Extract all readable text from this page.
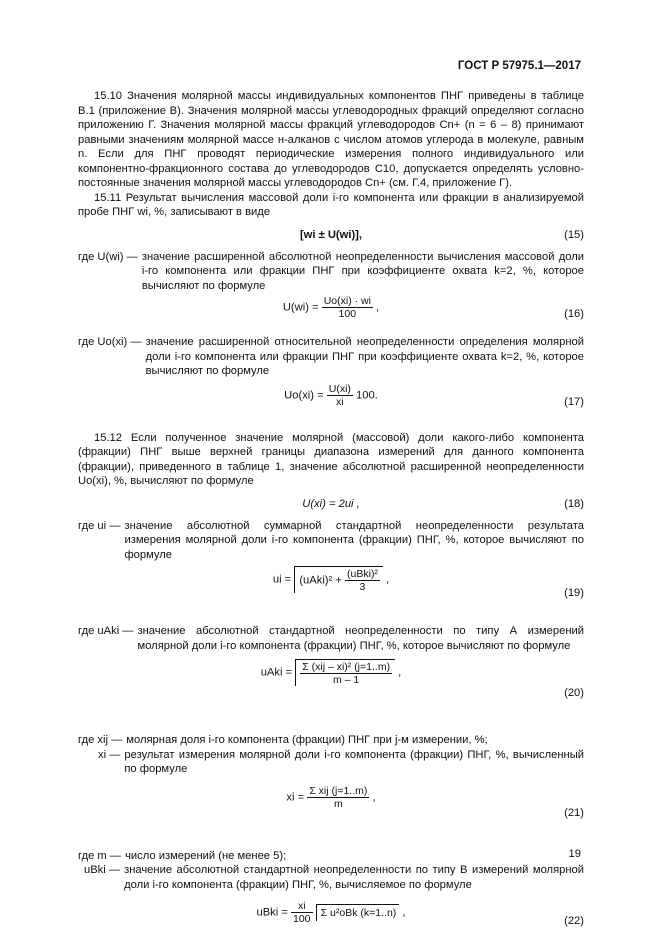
ГОСТ Р 57975.1—2017

15.10 Значения молярной массы индивидуальных компонентов ПНГ приведены в таблице В.1 (приложение В). Значения молярной массы углеводородных фракций определяют согласно приложению Г. Значения молярной массы фракций углеводородов Cn+ (n = 6 – 8) принимают равными значениям молярной массе н-алканов с числом атомов углерода в молекуле, равным n. Если для ПНГ проводят периодические измерения полного индивидуального или компонентно-фракционного состава до углеводородов C10, допускается определять условно-постоянные значения молярной массы углеводородов Cn+ (см. Г.4, приложение Г).

15.11 Результат вычисления массовой доли i-го компонента или фракции в анализируемой пробе ПНГ wi, %, записывают в виде

[wi ± U(wi)],	(15)
где U(wi) — значение расширенной абсолютной неопределенности вычисления массовой доли i-го компонента или фракции ПНГ при коэффициенте охвата k=2, %, которое вычисляют по формуле
$U(wi) = \frac{Uo(xi) \cdot wi}{100}$ ,
(16)
где Uo(xi) — значение расширенной относительной неопределенности определения молярной доли i-го компонента или фракции ПНГ при коэффициенте охвата k=2, %, которое вычисляют по формуле
$Uo(xi) = \frac{U(xi)}{xi} 100$.
(17)

15.12 Если полученное значение молярной (массовой) доли какого-либо компонента (фракции) ПНГ выше верхней границы диапазона измерений для данного компонента (фракции), приведенного в таблице 1, значение абсолютной расширенной неопределенности Uo(xi), %, вычисляют по формуле

U(xi) = 2ui ,	(18)
где ui — значение абсолютной суммарной стандартной неопределенности результата измерения молярной доли i-го компонента (фракции) ПНГ, %, которое вычисляют по формуле
ui = (uAki)² + $\frac{\text{(uBki)²}}{3}$ ,
(19)
где uAki — значение абсолютной стандартной неопределенности по типу А измерений молярной доли i-го компонента (фракции) ПНГ, %, которое вычисляют по формуле
uAki = $\frac{\text{Σ (xij – xi)² (j=1..m)}}{m - 1}$ ,
(20)
где xij — молярная доля i-го компонента (фракции) ПНГ при j-м измерении, %;
xi — результат измерения молярной доли i-го компонента (фракции) ПНГ, %, вычисленный по формуле
xi = $\frac{\text{Σ xij (j=1..m)}}{m}$ ,
(21)
где m — число измерений (не менее 5);
uBki — значение абсолютной стандартной неопределенности по типу В измерений молярной доли i-го компонента (фракции) ПНГ, %, вычисляемое по формуле
uBki = $\frac{xi}{100}$ Σ u²oBk (k=1..n) ,
(22)
19
